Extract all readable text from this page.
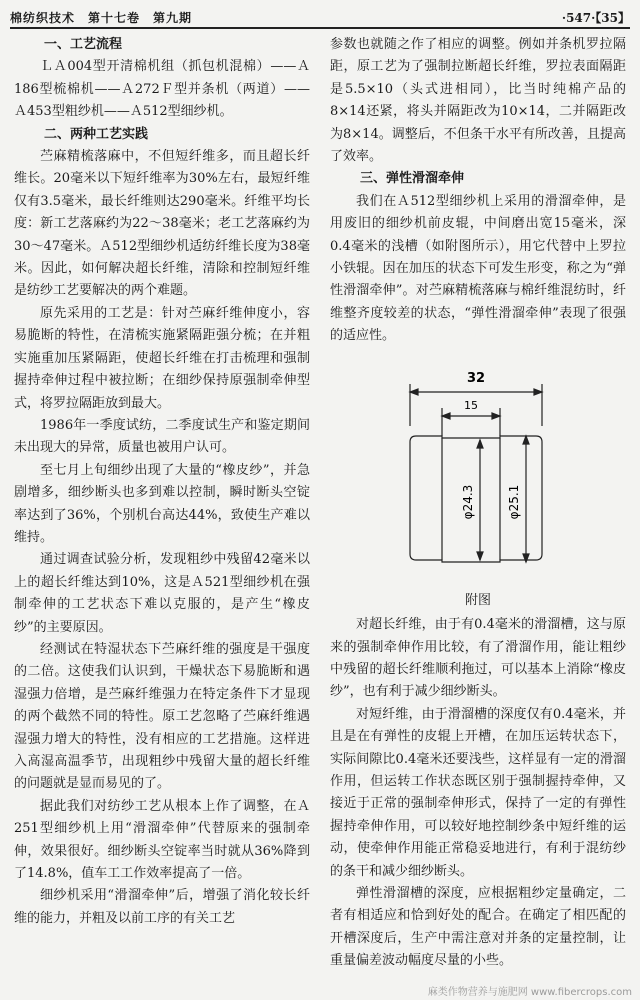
棉纺织技术　第十七卷　第九期	·547·【35】

一、工艺流程

ＬＡ004型开清棉机组（抓包机混棉）——Ａ186型梳棉机——Ａ272Ｆ型并条机（两道）——Ａ453型粗纱机——Ａ512型细纱机。

二、两种工艺实践

苎麻精梳落麻中，不但短纤维多，而且超长纤维长。20毫米以下短纤维率为30%左右，最短纤维仅有3.5毫米，最长纤维则达290毫米。纤维平均长度：新工艺落麻约为22～38毫米；老工艺落麻约为30～47毫米。Ａ512型细纱机适纺纤维长度为38毫米。因此，如何解决超长纤维，清除和控制短纤维是纺纱工艺要解决的两个难题。

原先采用的工艺是：针对苎麻纤维伸度小，容易脆断的特性，在清梳实施紧隔距强分梳；在并粗实施重加压紧隔距，使超长纤维在打击梳理和强制握持牵伸过程中被拉断；在细纱保持原强制牵伸型式，将罗拉隔距放到最大。

1986年一季度试纺，二季度试生产和鉴定期间未出现大的异常，质量也被用户认可。

至七月上旬细纱出现了大量的“橡皮纱”，并急剧增多，细纱断头也多到难以控制，瞬时断头空锭率达到了36%，个别机台高达44%，致使生产难以维持。

通过调查试验分析，发现粗纱中残留42毫米以上的超长纤维达到10%，这是Ａ521型细纱机在强制牵伸的工艺状态下难以克服的，是产生“橡皮纱”的主要原因。

经测试在特湿状态下苎麻纤维的强度是干强度的二倍。这使我们认识到，干燥状态下易脆断和遇湿强力倍增，是苎麻纤维强力在特定条件下才显现的两个截然不同的特性。原工艺忽略了苎麻纤维遇湿强力增大的特性，没有相应的工艺措施。这样进入高湿高温季节，出现粗纱中残留大量的超长纤维的问题就是显而易见的了。

据此我们对纺纱工艺从根本上作了调整，在Ａ251型细纱机上用“滑溜牵伸”代替原来的强制牵伸，效果很好。细纱断头空锭率当时就从36%降到了14.8%，值车工工作效率提高了一倍。

细纱机采用“滑溜牵伸”后，增强了消化较长纤维的能力，并粗及以前工序的有关工艺

参数也就随之作了相应的调整。例如并条机罗拉隔距，原工艺为了强制拉断超长纤维，罗拉表面隔距是5.5×10（头式进相同），比当时纯棉产品的8×14还紧，将头并隔距改为10×14，二并隔距改为8×14。调整后，不但条干水平有所改善，且提高了效率。

三、弹性滑溜牵伸

我们在Ａ512型细纱机上采用的滑溜牵伸，是用废旧的细纱机前皮辊，中间磨出宽15毫米，深0.4毫米的浅槽（如附图所示），用它代替中上罗拉小铁辊。因在加压的状态下可发生形变，称之为“弹性滑溜牵伸”。对苎麻精梳落麻与棉纤维混纺时，纤维整齐度较差的状态，“弹性滑溜牵伸”表现了很强的适应性。

32
15
φ24.3	φ25.1
附图

对超长纤维，由于有0.4毫米的滑溜槽，这与原来的强制牵伸作用比较，有了滑溜作用，能让粗纱中残留的超长纤维顺利拖过，可以基本上消除“橡皮纱”，也有利于减少细纱断头。

对短纤维，由于滑溜槽的深度仅有0.4毫米，并且是在有弹性的皮辊上开槽，在加压运转状态下，实际间隙比0.4毫米还要浅些，这样显有一定的滑溜作用，但运转工作状态既区别于强制握持牵伸，又接近于正常的强制牵伸形式，保持了一定的有弹性握持牵伸作用，可以较好地控制纱条中短纤维的运动，使牵伸作用能正常稳妥地进行，有利于混纺纱的条干和减少细纱断头。

弹性滑溜槽的深度，应根据粗纱定量确定，二者有相适应和恰到好处的配合。在确定了相匹配的开槽深度后，生产中需注意对并条的定量控制，让重量偏差波动幅度尽量的小些。

麻类作物营养与施肥网 www.fibercrops.com
